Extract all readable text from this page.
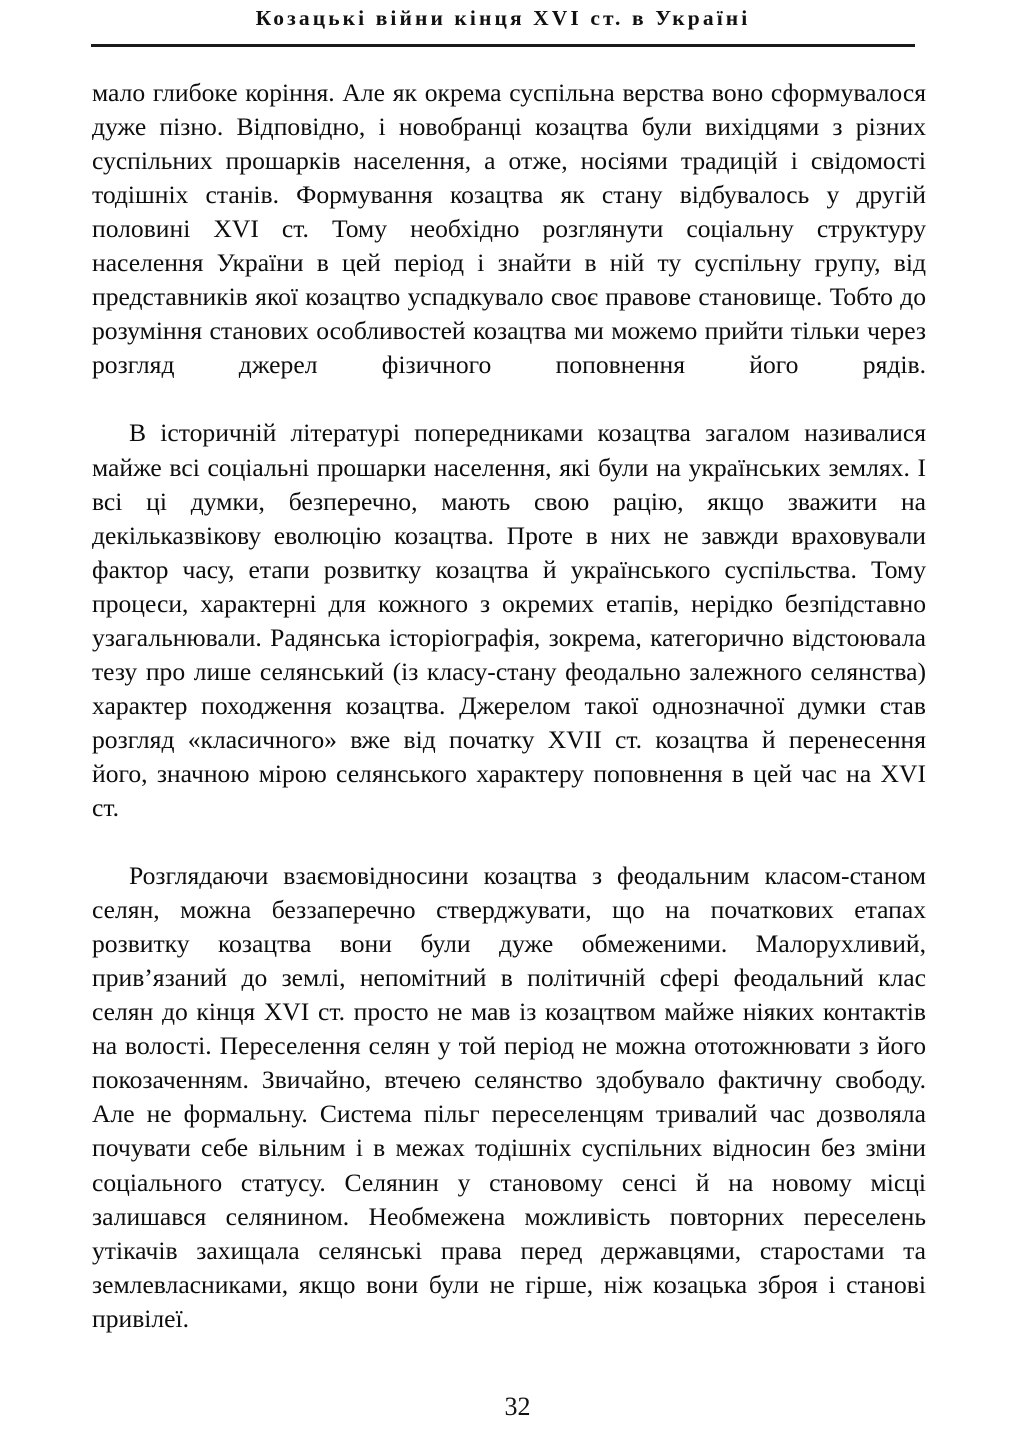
Козацькі війни кінця XVI ст. в Україні

мало глибоке коріння. Але як окрема суспільна верства воно сформувалося дуже пізно. Відповідно, і новобранці козацтва були вихідцями з різних суспільних прошарків населення, а отже, носіями традицій і свідомості тодішніх станів. Формування козацтва як стану відбувалось у другій половині XVI ст. Тому необхідно розглянути соціальну структуру населення України в цей період і знайти в ній ту суспільну групу, від представників якої козацтво успадкувало своє правове становище. Тобто до розуміння станових особливостей козацтва ми можемо прийти тільки через розгляд джерел фізичного поповнення його рядів.

В історичній літературі попередниками козацтва загалом називалися майже всі соціальні прошарки населення, які були на українських землях. І всі ці думки, безперечно, мають свою рацію, якщо зважити на декільказвікову еволюцію козацтва. Проте в них не завжди враховували фактор часу, етапи розвитку козацтва й українського суспільства. Тому процеси, характерні для кожного з окремих етапів, нерідко безпідставно узагальнювали. Радянська історіографія, зокрема, категорично відстоювала тезу про лише селянський (із класу-стану феодально залежного селянства) характер походження козацтва. Джерелом такої однозначної думки став розгляд «класичного» вже від початку XVII ст. козацтва й перенесення його, значною мірою селянського характеру поповнення в цей час на XVI ст.

Розглядаючи взаємовідносини козацтва з феодальним класом-станом селян, можна беззаперечно стверджувати, що на початкових етапах розвитку козацтва вони були дуже обмеженими. Малорухливий, прив’язаний до землі, непомітний в політичній сфері феодальний клас селян до кінця XVI ст. просто не мав із козацтвом майже ніяких контактів на волості. Переселення селян у той період не можна ототожнювати з його покозаченням. Звичайно, втечею селянство здобувало фактичну свободу. Але не формальну. Система пільг переселенцям тривалий час дозволяла почувати себе вільним і в межах тодішніх суспільних відносин без зміни соціального статусу. Селянин у становому сенсі й на новому місці залишався селянином. Необмежена можливість повторних переселень утікачів захищала селянські права перед державцями, старостами та землевласниками, якщо вони були не гірше, ніж козацька зброя і станові привілеї.

32
